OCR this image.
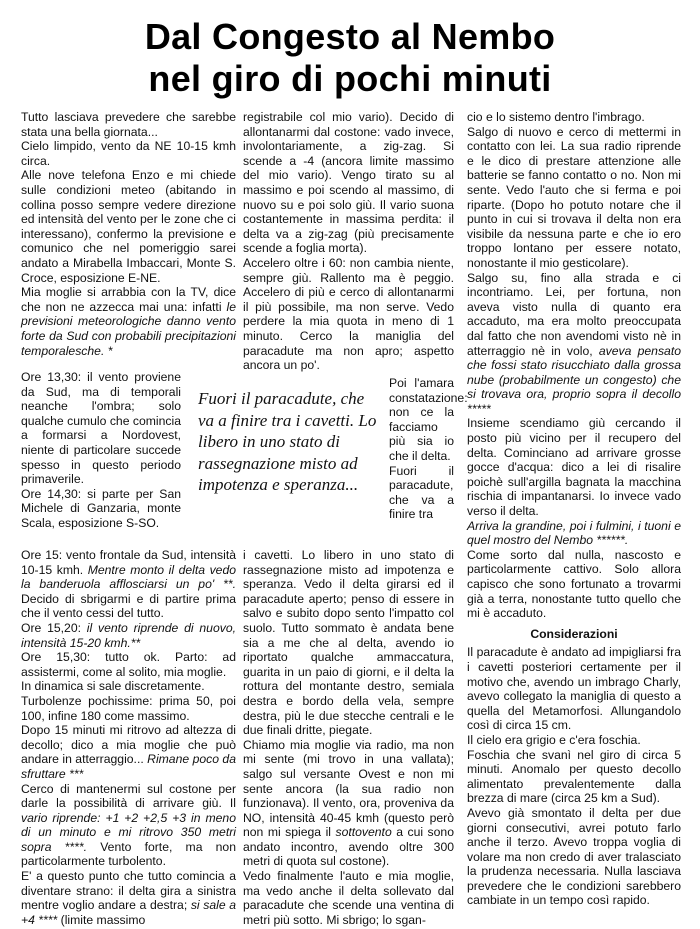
Dal Congesto al Nembo
nel giro di pochi minuti

Tutto lasciava prevedere che sarebbe stata una bella giornata...

Cielo limpido, vento da NE 10-15 kmh circa.

Alle nove telefona Enzo e mi chiede sulle condizioni meteo (abitando in collina posso sempre vedere direzione ed intensità del vento per le zone che ci interessano), confermo la previsione e comunico che nel pomeriggio sarei andato a Mirabella Imbaccari, Monte S. Croce, esposizione E-NE.

Mia moglie si arrabbia con la TV, dice che non ne azzecca mai una: infatti le previsioni meteorologiche danno vento forte da Sud con probabili precipitazioni temporalesche. *

Ore 13,30: il vento proviene da Sud, ma di temporali neanche l'ombra; solo qualche cumulo che comincia a formarsi a Nordovest, niente di particolare succede spesso in questo periodo primaverile.

Ore 14,30: si parte per San Michele di Ganzaria, monte Scala, esposizione S-SO.

Ore 15: vento frontale da Sud, intensità 10-15 kmh. Mentre monto il delta vedo la banderuola afflosciarsi un po' **. Decido di sbrigarmi e di partire prima che il vento cessi del tutto.

Ore 15,20: il vento riprende di nuovo, intensità 15-20 kmh.**

Ore 15,30: tutto ok. Parto: ad assistermi, come al solito, mia moglie.

In dinamica si sale discretamente.

Turbolenze pochissime: prima 50, poi 100, infine 180 come massimo.

Dopo 15 minuti mi ritrovo ad altezza di decollo; dico a mia moglie che può andare in atterraggio... Rimane poco da sfruttare ***

Cerco di mantenermi sul costone per darle la possibilità di arrivare giù. Il vario riprende: +1 +2 +2,5 +3 in meno di un minuto e mi ritrovo 350 metri sopra ****. Vento forte, ma non particolarmente turbolento.

E' a questo punto che tutto comincia a diventare strano: il delta gira a sinistra mentre voglio andare a destra; si sale a +4 **** (limite massimo

registrabile col mio vario). Decido di allontanarmi dal costone: vado invece, involontariamente, a zig-zag. Si scende a -4 (ancora limite massimo del mio vario). Vengo tirato su al massimo e poi scendo al massimo, di nuovo su e poi solo giù. Il vario suona costantemente in massima perdita: il delta va a zig-zag (più precisamente scende a foglia morta).

Accelero oltre i 60: non cambia niente, sempre giù. Rallento ma è peggio. Accelero di più e cerco di allontanarmi il più possibile, ma non serve. Vedo perdere la mia quota in meno di 1 minuto. Cerco la maniglia del paracadute ma non apro; aspetto ancora un po'.

Poi l'amara constatazione: non ce la facciamo più sia io che il delta.

Fuori il paracadute, che va a finire tra

Fuori il paracadute, che va a finire tra i cavetti. Lo libero in uno stato di rassegnazione misto ad impotenza e speranza...

i cavetti. Lo libero in uno stato di rassegnazione misto ad impotenza e speranza. Vedo il delta girarsi ed il paracadute aperto; penso di essere in salvo e subito dopo sento l'impatto col suolo. Tutto sommato è andata bene sia a me che al delta, avendo io riportato qualche ammaccatura, guarita in un paio di giorni, e il delta la rottura del montante destro, semiala destra e bordo della vela, sempre destra, più le due stecche centrali e le due finali dritte, piegate.

Chiamo mia moglie via radio, ma non mi sente (mi trovo in una vallata); salgo sul versante Ovest e non mi sente ancora (la sua radio non funzionava). Il vento, ora, proveniva da NO, intensità 40-45 kmh (questo però non mi spiega il sottovento a cui sono andato incontro, avendo oltre 300 metri di quota sul costone).

Vedo finalmente l'auto e mia moglie, ma vedo anche il delta sollevato dal paracadute che scende una ventina di metri più sotto. Mi sbrigo; lo sgan-

cio e lo sistemo dentro l'imbrago.

Salgo di nuovo e cerco di mettermi in contatto con lei. La sua radio riprende e le dico di prestare attenzione alle batterie se fanno contatto o no. Non mi sente. Vedo l'auto che si ferma e poi riparte. (Dopo ho potuto notare che il punto in cui si trovava il delta non era visibile da nessuna parte e che io ero troppo lontano per essere notato, nonostante il mio gesticolare).

Salgo su, fino alla strada e ci incontriamo. Lei, per fortuna, non aveva visto nulla di quanto era accaduto, ma era molto preoccupata dal fatto che non avendomi visto nè in atterraggio nè in volo, aveva pensato che fossi stato risucchiato dalla grossa nube (probabilmente un congesto) che si trovava ora, proprio sopra il decollo *****

Insieme scendiamo giù cercando il posto più vicino per il recupero del delta. Cominciano ad arrivare grosse gocce d'acqua: dico a lei di risalire poichè sull'argilla bagnata la macchina rischia di impantanarsi. Io invece vado verso il delta.

Arriva la grandine, poi i fulmini, i tuoni e quel mostro del Nembo ******.

Come sorto dal nulla, nascosto e particolarmente cattivo. Solo allora capisco che sono fortunato a trovarmi già a terra, nonostante tutto quello che mi è accaduto.

Considerazioni

Il paracadute è andato ad impigliarsi fra i cavetti posteriori certamente per il motivo che, avendo un imbrago Charly, avevo collegato la maniglia di questo a quella del Metamorfosi. Allungandolo così di circa 15 cm.

Il cielo era grigio e c'era foschia.

Foschia che svanì nel giro di circa 5 minuti. Anomalo per questo decollo alimentato prevalentemente dalla brezza di mare (circa 25 km a Sud).

Avevo già smontato il delta per due giorni consecutivi, avrei potuto farlo anche il terzo. Avevo troppa voglia di volare ma non credo di aver tralasciato la prudenza necessaria. Nulla lasciava prevedere che le condizioni sarebbero cambiate in un tempo così rapido.
